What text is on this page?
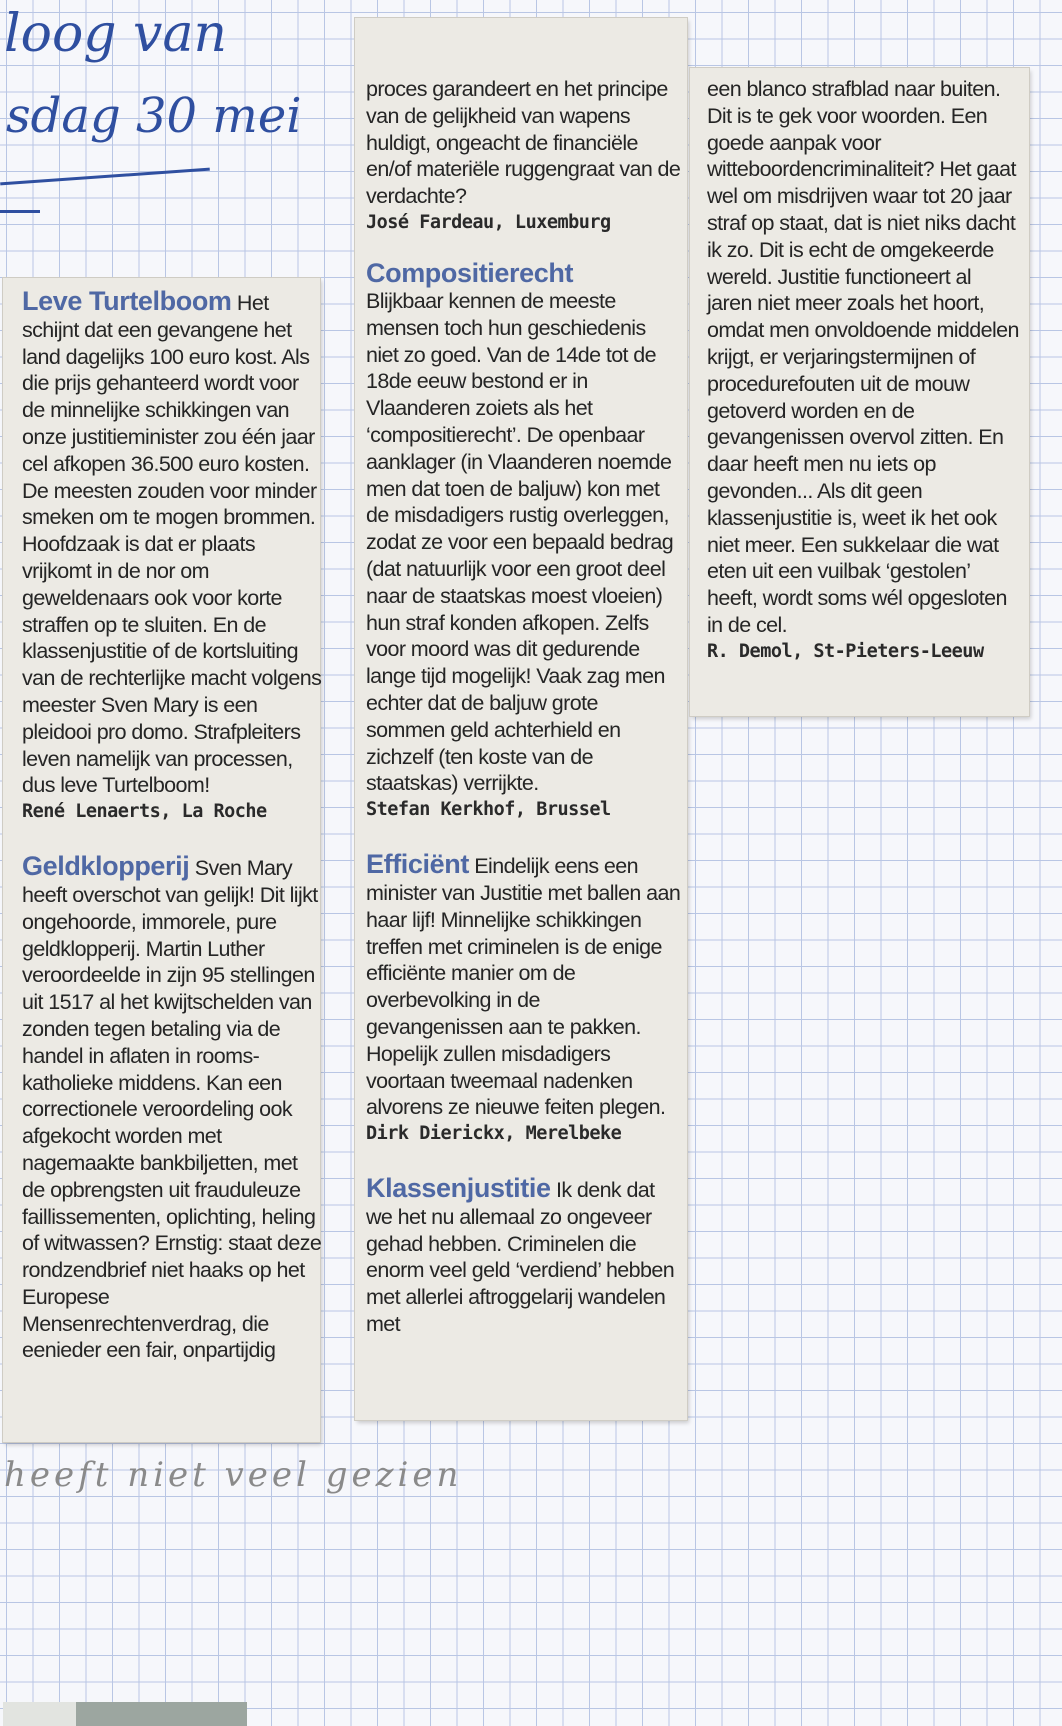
loog van
sdag 30 mei

Leve Turtelboom Het schijnt dat een gevangene het land dagelijks 100 euro kost. Als die prijs gehanteerd wordt voor de minnelijke schikkingen van onze justitieminister zou één jaar cel afkopen 36.500 euro kosten. De meesten zouden voor minder smeken om te mogen brommen. Hoofdzaak is dat er plaats vrijkomt in de nor om geweldenaars ook voor korte straffen op te sluiten. En de klassenjustitie of de kortsluiting van de rechterlijke macht volgens meester Sven Mary is een pleidooi pro domo. Strafpleiters leven namelijk van processen, dus leve Turtelboom!

René Lenaerts, La Roche

Geldklopperij Sven Mary heeft overschot van gelijk! Dit lijkt ongehoorde, immorele, pure geldklopperij. Martin Luther veroordeelde in zijn 95 stellingen uit 1517 al het kwijtschelden van zonden tegen betaling via de handel in aflaten in rooms-katholieke middens. Kan een correctionele veroordeling ook afgekocht worden met nagemaakte bankbiljetten, met de opbrengsten uit frauduleuze faillissementen, oplichting, heling of witwassen? Ernstig: staat deze rondzendbrief niet haaks op het Europese Mensenrechtenverdrag, die eenieder een fair, onpartijdig

proces garandeert en het principe van de gelijkheid van wapens huldigt, ongeacht de financiële en/of materiële ruggengraat van de verdachte?

José Fardeau, Luxemburg

Compositierecht

Blijkbaar kennen de meeste mensen toch hun geschiedenis niet zo goed. Van de 14de tot de 18de eeuw bestond er in Vlaanderen zoiets als het ‘compositierecht’. De openbaar aanklager (in Vlaanderen noemde men dat toen de baljuw) kon met de misdadigers rustig overleggen, zodat ze voor een bepaald bedrag (dat natuurlijk voor een groot deel naar de staatskas moest vloeien) hun straf konden afkopen. Zelfs voor moord was dit gedurende lange tijd mogelijk! Vaak zag men echter dat de baljuw grote sommen geld achterhield en zichzelf (ten koste van de staatskas) verrijkte.

Stefan Kerkhof, Brussel

Efficiënt Eindelijk eens een minister van Justitie met ballen aan haar lijf! Minnelijke schikkingen treffen met criminelen is de enige efficiënte manier om de overbevolking in de gevangenissen aan te pakken. Hopelijk zullen misdadigers voortaan tweemaal nadenken alvorens ze nieuwe feiten plegen.

Dirk Dierickx, Merelbeke

Klassenjustitie Ik denk dat we het nu allemaal zo ongeveer gehad hebben. Criminelen die enorm veel geld ‘verdiend’ hebben met allerlei aftroggelarij wandelen met

een blanco strafblad naar buiten. Dit is te gek voor woorden. Een goede aanpak voor witteboordencriminaliteit? Het gaat wel om misdrijven waar tot 20 jaar straf op staat, dat is niet niks dacht ik zo. Dit is echt de omgekeerde wereld. Justitie functioneert al jaren niet meer zoals het hoort, omdat men onvoldoende middelen krijgt, er verjaringstermijnen of procedurefouten uit de mouw getoverd worden en de gevangenissen overvol zitten. En daar heeft men nu iets op gevonden... Als dit geen klassenjustitie is, weet ik het ook niet meer. Een sukkelaar die wat eten uit een vuilbak ‘gestolen’ heeft, wordt soms wél opgesloten in de cel.

R. Demol, St-Pieters-Leeuw

heeft niet veel gezien
